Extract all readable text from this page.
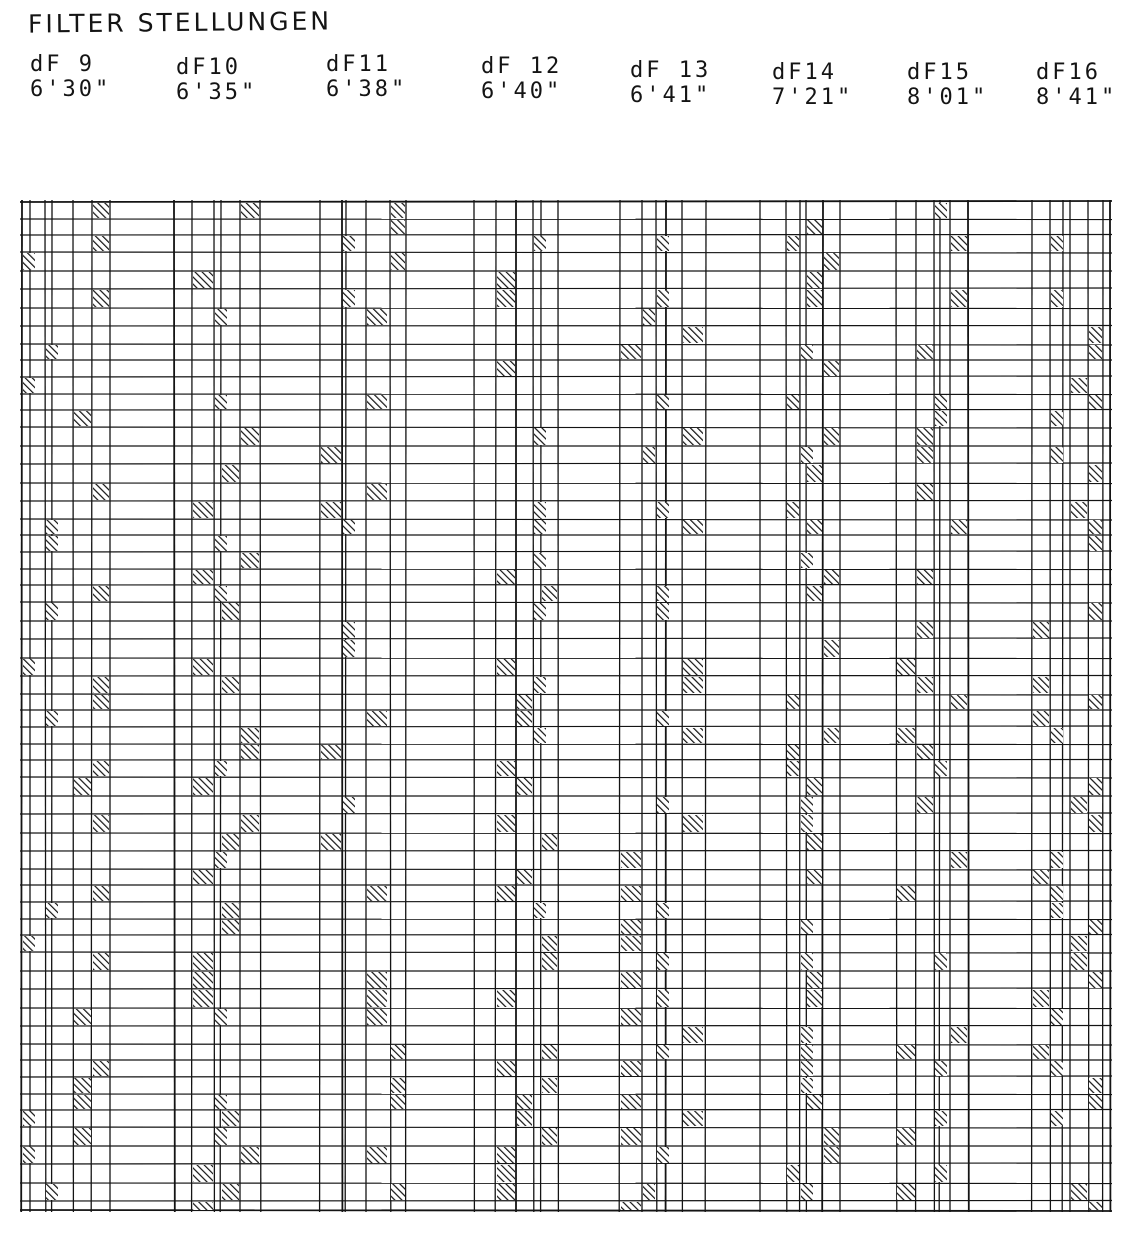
FILTER STELLUNGEN
dF 9
6'30"
dF10
6'35"
dF11
6'38"
dF 12
6'40"
dF 13
6'41"
dF14
7'21"
dF15
8'01"
dF16
8'41"
